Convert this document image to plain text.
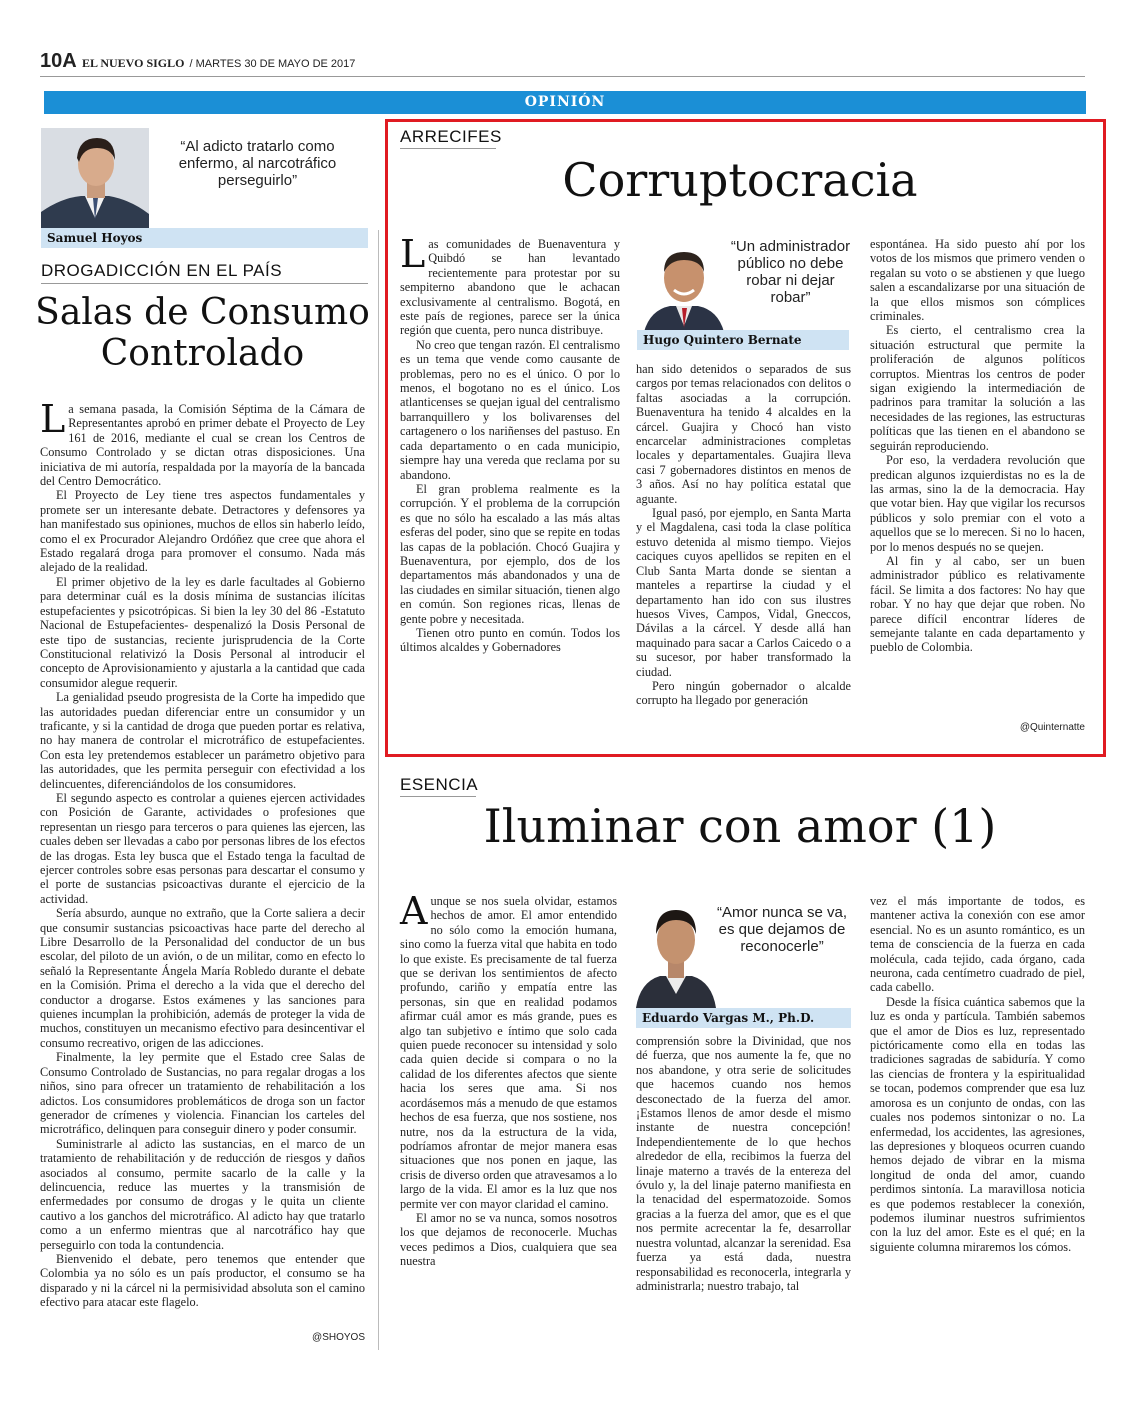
10A EL NUEVO SIGLO / MARTES 30 DE MAYO DE 2017
OPINIÓN
“Al adicto tratarlo como enfermo, al narcotráfico perseguirlo”
Samuel Hoyos
DROGADICCIÓN EN EL PAÍS
Salas de Consumo Controlado

La semana pasada, la Comisión Séptima de la Cámara de Representantes aprobó en primer debate el Proyecto de Ley 161 de 2016, mediante el cual se crean los Centros de Consumo Controlado y se dictan otras disposiciones. Una iniciativa de mi autoría, respaldada por la mayoría de la bancada del Centro Democrático.

El Proyecto de Ley tiene tres aspectos fundamentales y promete ser un interesante debate. Detractores y defensores ya han manifestado sus opiniones, muchos de ellos sin haberlo leído, como el ex Procurador Alejandro Ordóñez que cree que ahora el Estado regalará droga para promover el consumo. Nada más alejado de la realidad.

El primer objetivo de la ley es darle facultades al Gobierno para determinar cuál es la dosis mínima de sustancias ilícitas estupefacientes y psicotrópicas. Si bien la ley 30 del 86 -Estatuto Nacional de Estupefacientes- despenalizó la Dosis Personal de este tipo de sustancias, reciente jurisprudencia de la Corte Constitucional relativizó la Dosis Personal al introducir el concepto de Aprovisionamiento y ajustarla a la cantidad que cada consumidor alegue requerir.

La genialidad pseudo progresista de la Corte ha impedido que las autoridades puedan diferenciar entre un consumidor y un traficante, y si la cantidad de droga que pueden portar es relativa, no hay manera de controlar el microtráfico de estupefacientes. Con esta ley pretendemos establecer un parámetro objetivo para las autoridades, que les permita perseguir con efectividad a los delincuentes, diferenciándolos de los consumidores.

El segundo aspecto es controlar a quienes ejercen actividades con Posición de Garante, actividades o profesiones que representan un riesgo para terceros o para quienes las ejercen, las cuales deben ser llevadas a cabo por personas libres de los efectos de las drogas. Esta ley busca que el Estado tenga la facultad de ejercer controles sobre esas personas para descartar el consumo y el porte de sustancias psicoactivas durante el ejercicio de la actividad.

Sería absurdo, aunque no extraño, que la Corte saliera a decir que consumir sustancias psicoactivas hace parte del derecho al Libre Desarrollo de la Personalidad del conductor de un bus escolar, del piloto de un avión, o de un militar, como en efecto lo señaló la Representante Ángela María Robledo durante el debate en la Comisión. Prima el derecho a la vida que el derecho del conductor a drogarse. Estos exámenes y las sanciones para quienes incumplan la prohibición, además de proteger la vida de muchos, constituyen un mecanismo efectivo para desincentivar el consumo recreativo, origen de las adicciones.

Finalmente, la ley permite que el Estado cree Salas de Consumo Controlado de Sustancias, no para regalar drogas a los niños, sino para ofrecer un tratamiento de rehabilitación a los adictos. Los consumidores problemáticos de droga son un factor generador de crímenes y violencia. Financian los carteles del microtráfico, delinquen para conseguir dinero y poder consumir.

Suministrarle al adicto las sustancias, en el marco de un tratamiento de rehabilitación y de reducción de riesgos y daños asociados al consumo, permite sacarlo de la calle y la delincuencia, reduce las muertes y la transmisión de enfermedades por consumo de drogas y le quita un cliente cautivo a los ganchos del microtráfico. Al adicto hay que tratarlo como a un enfermo mientras que al narcotráfico hay que perseguirlo con toda la contundencia.

Bienvenido el debate, pero tenemos que entender que Colombia ya no sólo es un país productor, el consumo se ha disparado y ni la cárcel ni la permisividad absoluta son el camino efectivo para atacar este flagelo.

@SHOYOS
ARRECIFES
Corruptocracia
“Un administrador público no debe robar ni dejar robar”
Hugo Quintero Bernate

Las comunidades de Buenaventura y Quibdó se han levantado recientemente para protestar por su sempiterno abandono que le achacan exclusivamente al centralismo. Bogotá, en este país de regiones, parece ser la única región que cuenta, pero nunca distribuye.

No creo que tengan razón. El centralismo es un tema que vende como causante de problemas, pero no es el único. O por lo menos, el bogotano no es el único. Los atlanticenses se quejan igual del centralismo barranquillero y los bolivarenses del cartagenero o los nariñenses del pastuso. En cada departamento o en cada municipio, siempre hay una vereda que reclama por su abandono.

El gran problema realmente es la corrupción. Y el problema de la corrupción es que no sólo ha escalado a las más altas esferas del poder, sino que se repite en todas las capas de la población. Chocó Guajira y Buenaventura, por ejemplo, dos de los departamentos más abandonados y una de las ciudades en similar situación, tienen algo en común. Son regiones ricas, llenas de gente pobre y necesitada.

Tienen otro punto en común. Todos los últimos alcaldes y Gobernadores

han sido detenidos o separados de sus cargos por temas relacionados con delitos o faltas asociadas a la corrupción. Buenaventura ha tenido 4 alcaldes en la cárcel. Guajira y Chocó han visto encarcelar administraciones completas locales y departamentales. Guajira lleva casi 7 gobernadores distintos en menos de 3 años. Así no hay política estatal que aguante.

Igual pasó, por ejemplo, en Santa Marta y el Magdalena, casi toda la clase política estuvo detenida al mismo tiempo. Viejos caciques cuyos apellidos se repiten en el Club Santa Marta donde se sientan a manteles a repartirse la ciudad y el departamento han ido con sus ilustres huesos Vives, Campos, Vidal, Gneccos, Dávilas a la cárcel. Y desde allá han maquinado para sacar a Carlos Caicedo o a su sucesor, por haber transformado la ciudad.

Pero ningún gobernador o alcalde corrupto ha llegado por generación

espontánea. Ha sido puesto ahí por los votos de los mismos que primero venden o regalan su voto o se abstienen y que luego salen a escandalizarse por una situación de la que ellos mismos son cómplices criminales.

Es cierto, el centralismo crea la situación estructural que permite la proliferación de algunos políticos corruptos. Mientras los centros de poder sigan exigiendo la intermediación de padrinos para tramitar la solución a las necesidades de las regiones, las estructuras políticas que las tienen en el abandono se seguirán reproduciendo.

Por eso, la verdadera revolución que predican algunos izquierdistas no es la de las armas, sino la de la democracia. Hay que votar bien. Hay que vigilar los recursos públicos y solo premiar con el voto a aquellos que se lo merecen. Si no lo hacen, por lo menos después no se quejen.

Al fin y al cabo, ser un buen administrador público es relativamente fácil. Se limita a dos factores: No hay que robar. Y no hay que dejar que roben. No parece difícil encontrar líderes de semejante talante en cada departamento y pueblo de Colombia.

@Quinternatte
ESENCIA
Iluminar con amor (1)
“Amor nunca se va, es que dejamos de reconocerle”
Eduardo Vargas M., Ph.D.

Aunque se nos suela olvidar, estamos hechos de amor. El amor entendido no sólo como la emoción humana, sino como la fuerza vital que habita en todo lo que existe. Es precisamente de tal fuerza que se derivan los sentimientos de afecto profundo, cariño y empatía entre las personas, sin que en realidad podamos afirmar cuál amor es más grande, pues es algo tan subjetivo e íntimo que solo cada quien puede reconocer su intensidad y solo cada quien decide si compara o no la calidad de los diferentes afectos que siente hacia los seres que ama. Si nos acordásemos más a menudo de que estamos hechos de esa fuerza, que nos sostiene, nos nutre, nos da la estructura de la vida, podríamos afrontar de mejor manera esas situaciones que nos ponen en jaque, las crisis de diverso orden que atravesamos a lo largo de la vida. El amor es la luz que nos permite ver con mayor claridad el camino.

El amor no se va nunca, somos nosotros los que dejamos de reconocerle. Muchas veces pedimos a Dios, cualquiera que sea nuestra

comprensión sobre la Divinidad, que nos dé fuerza, que nos aumente la fe, que no nos abandone, y otra serie de solicitudes que hacemos cuando nos hemos desconectado de la fuerza del amor. ¡Estamos llenos de amor desde el mismo instante de nuestra concepción! Independientemente de lo que hechos alrededor de ella, recibimos la fuerza del linaje materno a través de la entereza del óvulo y, la del linaje paterno manifiesta en la tenacidad del espermatozoide. Somos gracias a la fuerza del amor, que es el que nos permite acrecentar la fe, desarrollar nuestra voluntad, alcanzar la serenidad. Esa fuerza ya está dada, nuestra responsabilidad es reconocerla, integrarla y administrarla; nuestro trabajo, tal

vez el más importante de todos, es mantener activa la conexión con ese amor esencial. No es un asunto romántico, es un tema de consciencia de la fuerza en cada molécula, cada tejido, cada órgano, cada neurona, cada centímetro cuadrado de piel, cada cabello.

Desde la física cuántica sabemos que la luz es onda y partícula. También sabemos que el amor de Dios es luz, representado pictóricamente como ella en todas las tradiciones sagradas de sabiduría. Y como las ciencias de frontera y la espiritualidad se tocan, podemos comprender que esa luz amorosa es un conjunto de ondas, con las cuales nos podemos sintonizar o no. La enfermedad, los accidentes, las agresiones, las depresiones y bloqueos ocurren cuando hemos dejado de vibrar en la misma longitud de onda del amor, cuando perdimos sintonía. La maravillosa noticia es que podemos restablecer la conexión, podemos iluminar nuestros sufrimientos con la luz del amor. Este es el qué; en la siguiente columna miraremos los cómos.
